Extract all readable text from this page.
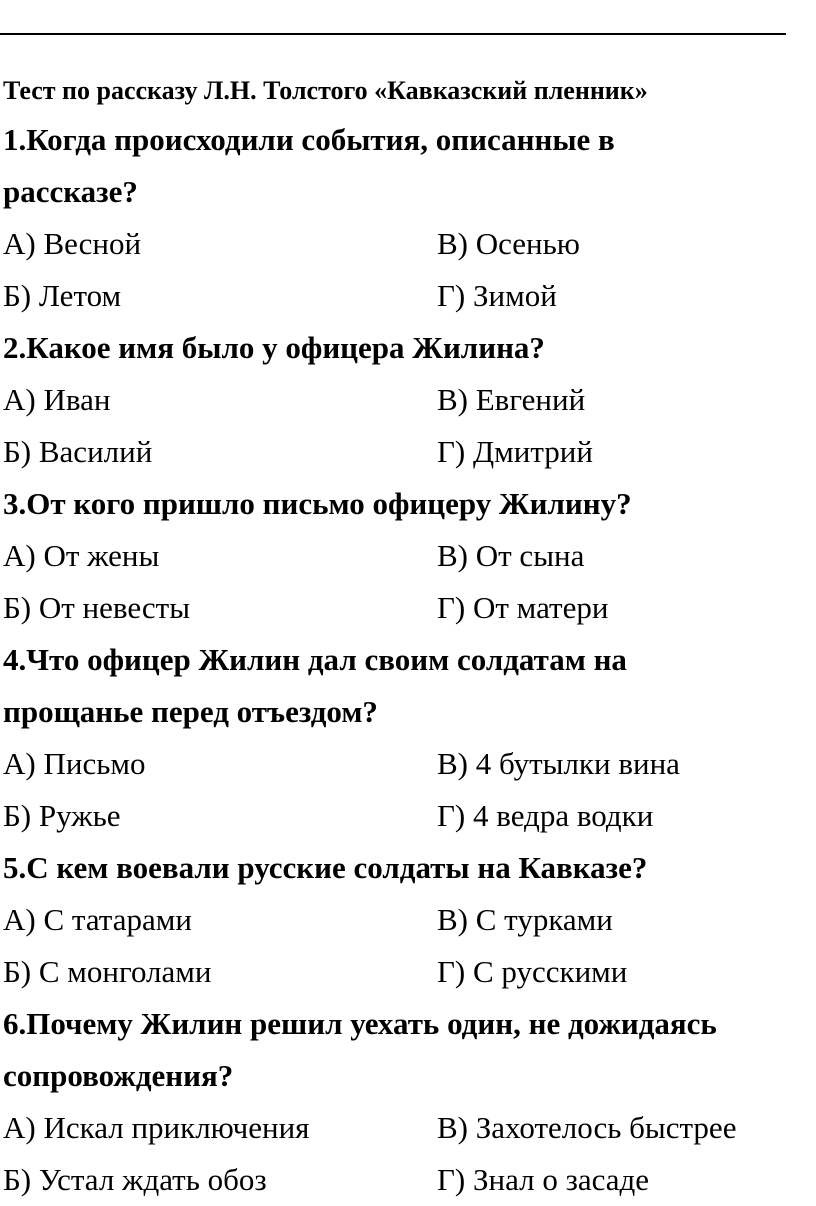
Тест по рассказу Л.Н. Толстого «Кавказский пленник»

1.Когда происходили события, описанные в

рассказе?

А) Весной	В) Осенью
Б) Летом	Г) Зимой

2.Какое имя было у офицера Жилина?

А) Иван	В) Евгений
Б) Василий	Г) Дмитрий

3.От кого пришло письмо офицеру Жилину?

А) От жены	В) От сына
Б) От невесты	Г) От матери

4.Что офицер Жилин дал своим солдатам на

прощанье перед отъездом?

А) Письмо	В) 4 бутылки вина
Б) Ружье	Г) 4 ведра водки

5.С кем воевали русские солдаты на Кавказе?

А) С татарами	В) С турками
Б) С монголами	Г) С русскими

6.Почему Жилин решил уехать один, не дожидаясь

сопровождения?

А) Искал приключения	В) Захотелось быстрее
Б) Устал ждать обоз	Г) Знал о засаде
